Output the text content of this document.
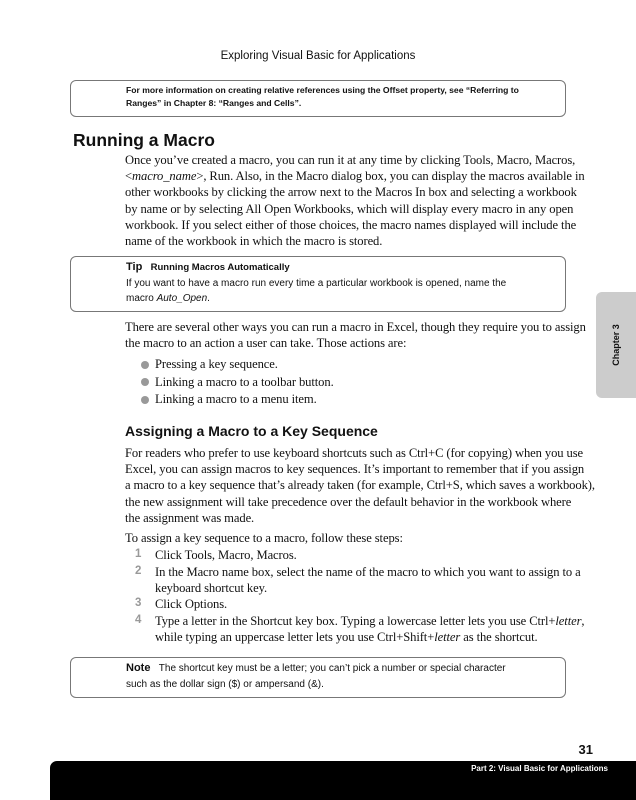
Exploring Visual Basic for Applications
For more information on creating relative references using the Offset property, see “Referring to
Ranges” in Chapter 8: “Ranges and Cells”.
Running a Macro
Once you’ve created a macro, you can run it at any time by clicking Tools, Macro, Macros,
<macro_name>, Run. Also, in the Macro dialog box, you can display the macros available in
other workbooks by clicking the arrow next to the Macros In box and selecting a workbook
by name or by selecting All Open Workbooks, which will display every macro in any open
workbook. If you select either of those choices, the macro names displayed will include the
name of the workbook in which the macro is stored.
Tip Running Macros Automatically
If you want to have a macro run every time a particular workbook is opened, name the
macro Auto_Open.
There are several other ways you can run a macro in Excel, though they require you to assign
the macro to an action a user can take. Those actions are:
Pressing a key sequence.
Linking a macro to a toolbar button.
Linking a macro to a menu item.
Assigning a Macro to a Key Sequence
For readers who prefer to use keyboard shortcuts such as Ctrl+C (for copying) when you use
Excel, you can assign macros to key sequences. It’s important to remember that if you assign
a macro to a key sequence that’s already taken (for example, Ctrl+S, which saves a workbook),
the new assignment will take precedence over the default behavior in the workbook where
the assignment was made.
To assign a key sequence to a macro, follow these steps:
1 Click Tools, Macro, Macros.
2 In the Macro name box, select the name of the macro to which you want to assign to a
keyboard shortcut key.
3 Click Options.
4 Type a letter in the Shortcut key box. Typing a lowercase letter lets you use Ctrl+letter,
while typing an uppercase letter lets you use Ctrl+Shift+letter as the shortcut.
Note The shortcut key must be a letter; you can’t pick a number or special character
such as the dollar sign ($) or ampersand (&).
Chapter 3
31
Part 2: Visual Basic for Applications
